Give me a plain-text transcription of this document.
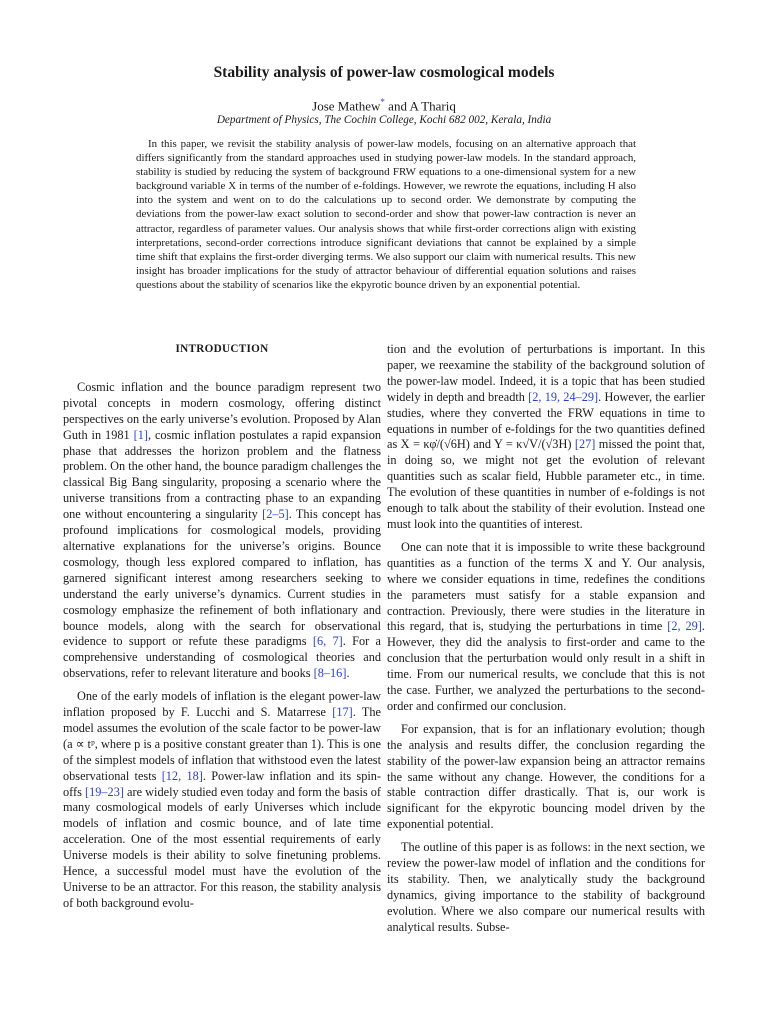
Stability analysis of power-law cosmological models
Jose Mathew* and A Thariq
Department of Physics, The Cochin College, Kochi 682 002, Kerala, India

In this paper, we revisit the stability analysis of power-law models, focusing on an alternative approach that differs significantly from the standard approaches used in studying power-law models. In the standard approach, stability is studied by reducing the system of background FRW equations to a one-dimensional system for a new background variable X in terms of the number of e-foldings. However, we rewrote the equations, including H also into the system and went on to do the calculations up to second order. We demonstrate by computing the deviations from the power-law exact solution to second-order and show that power-law contraction is never an attractor, regardless of parameter values. Our analysis shows that while first-order corrections align with existing interpretations, second-order corrections introduce significant deviations that cannot be explained by a simple time shift that explains the first-order diverging terms. We also support our claim with numerical results. This new insight has broader implications for the study of attractor behaviour of differential equation solutions and raises questions about the stability of scenarios like the ekpyrotic bounce driven by an exponential potential.

INTRODUCTION

Cosmic inflation and the bounce paradigm represent two pivotal concepts in modern cosmology, offering distinct perspectives on the early universe’s evolution. Proposed by Alan Guth in 1981 [1], cosmic inflation postulates a rapid expansion phase that addresses the horizon problem and the flatness problem. On the other hand, the bounce paradigm challenges the classical Big Bang singularity, proposing a scenario where the universe transitions from a contracting phase to an expanding one without encountering a singularity [2–5]. This concept has profound implications for cosmological models, providing alternative explanations for the universe’s origins. Bounce cosmology, though less explored compared to inflation, has garnered significant interest among researchers seeking to understand the early universe’s dynamics. Current studies in cosmology emphasize the refinement of both inflationary and bounce models, along with the search for observational evidence to support or refute these paradigms [6, 7]. For a comprehensive understanding of cosmological theories and observations, refer to relevant literature and books [8–16].

One of the early models of inflation is the elegant power-law inflation proposed by F. Lucchi and S. Matarrese [17]. The model assumes the evolution of the scale factor to be power-law (a ∝ tᵖ, where p is a positive constant greater than 1). This is one of the simplest models of inflation that withstood even the latest observational tests [12, 18]. Power-law inflation and its spin-offs [19–23] are widely studied even today and form the basis of many cosmological models of early Universes which include models of inflation and cosmic bounce, and of late time acceleration. One of the most essential requirements of early Universe models is their ability to solve finetuning problems. Hence, a successful model must have the evolution of the Universe to be an attractor. For this reason, the stability analysis of both background evolu-

tion and the evolution of perturbations is important. In this paper, we reexamine the stability of the background solution of the power-law model. Indeed, it is a topic that has been studied widely in depth and breadth [2, 19, 24–29]. However, the earlier studies, where they converted the FRW equations in time to equations in number of e-foldings for the two quantities defined as X = κφ̇/(√6H) and Y = κ√V/(√3H) [27] missed the point that, in doing so, we might not get the evolution of relevant quantities such as scalar field, Hubble parameter etc., in time. The evolution of these quantities in number of e-foldings is not enough to talk about the stability of their evolution. Instead one must look into the quantities of interest.

One can note that it is impossible to write these background quantities as a function of the terms X and Y. Our analysis, where we consider equations in time, redefines the conditions the parameters must satisfy for a stable expansion and contraction. Previously, there were studies in the literature in this regard, that is, studying the perturbations in time [2, 29]. However, they did the analysis to first-order and came to the conclusion that the perturbation would only result in a shift in time. From our numerical results, we conclude that this is not the case. Further, we analyzed the perturbations to the second-order and confirmed our conclusion.

For expansion, that is for an inflationary evolution; though the analysis and results differ, the conclusion regarding the stability of the power-law expansion being an attractor remains the same without any change. However, the conditions for a stable contraction differ drastically. That is, our work is significant for the ekpyrotic bouncing model driven by the exponential potential.

The outline of this paper is as follows: in the next section, we review the power-law model of inflation and the conditions for its stability. Then, we analytically study the background dynamics, giving importance to the stability of background evolution. Where we also compare our numerical results with analytical results. Subse-
